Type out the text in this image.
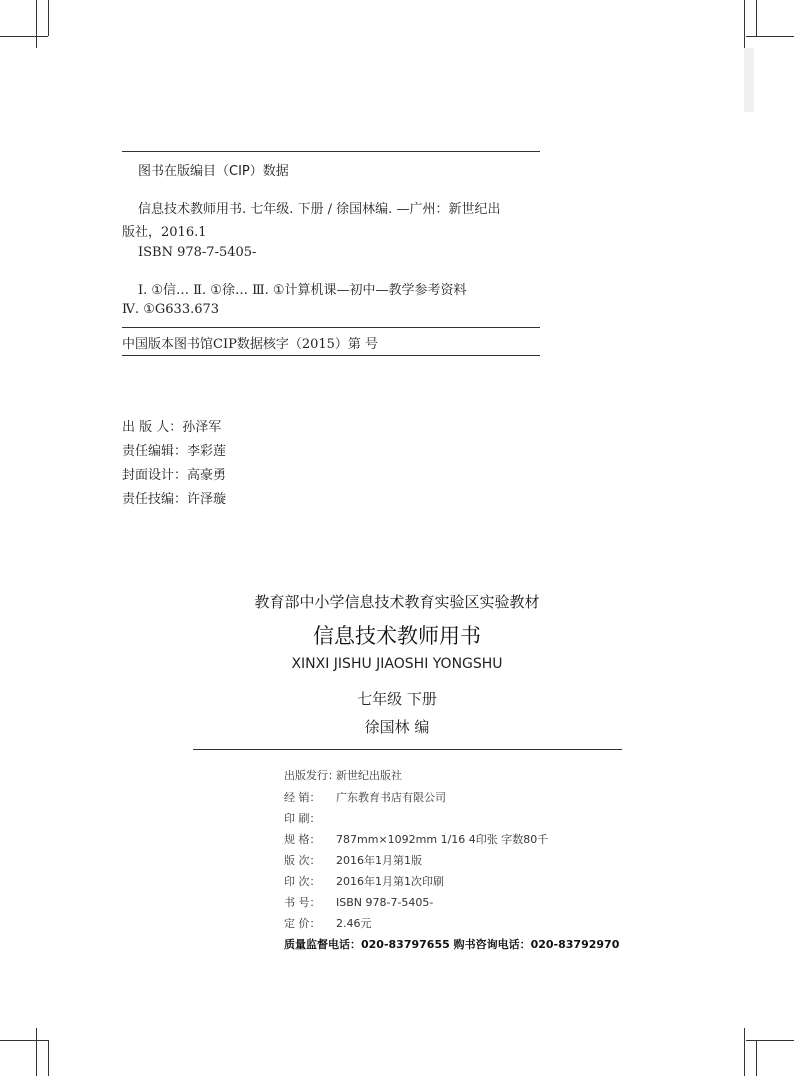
图书在版编目（CIP）数据
信息技术教师用书. 七年级. 下册 / 徐国林编. —广州：新世纪出
版社，2016.1
ISBN 978-7-5405-
Ⅰ. ①信… Ⅱ. ①徐… Ⅲ. ①计算机课—初中—教学参考资料
Ⅳ. ①G633.673
中国版本图书馆CIP数据核字（2015）第 号
出 版 人：孙泽军
责任编辑：李彩莲
封面设计：高豪勇
责任技编：许泽璇
教育部中小学信息技术教育实验区实验教材
信息技术教师用书
XINXI JISHU JIAOSHI YONGSHU
七年级 下册
徐国林 编
出版发行：新世纪出版社
经 销： 广东教育书店有限公司
印 刷：
规 格： 787mm×1092mm 1/16 4印张 字数80千
版 次： 2016年1月第1版
印 次： 2016年1月第1次印刷
书 号： ISBN 978-7-5405-
定 价： 2.46元
质量监督电话：020-83797655 购书咨询电话：020-83792970
